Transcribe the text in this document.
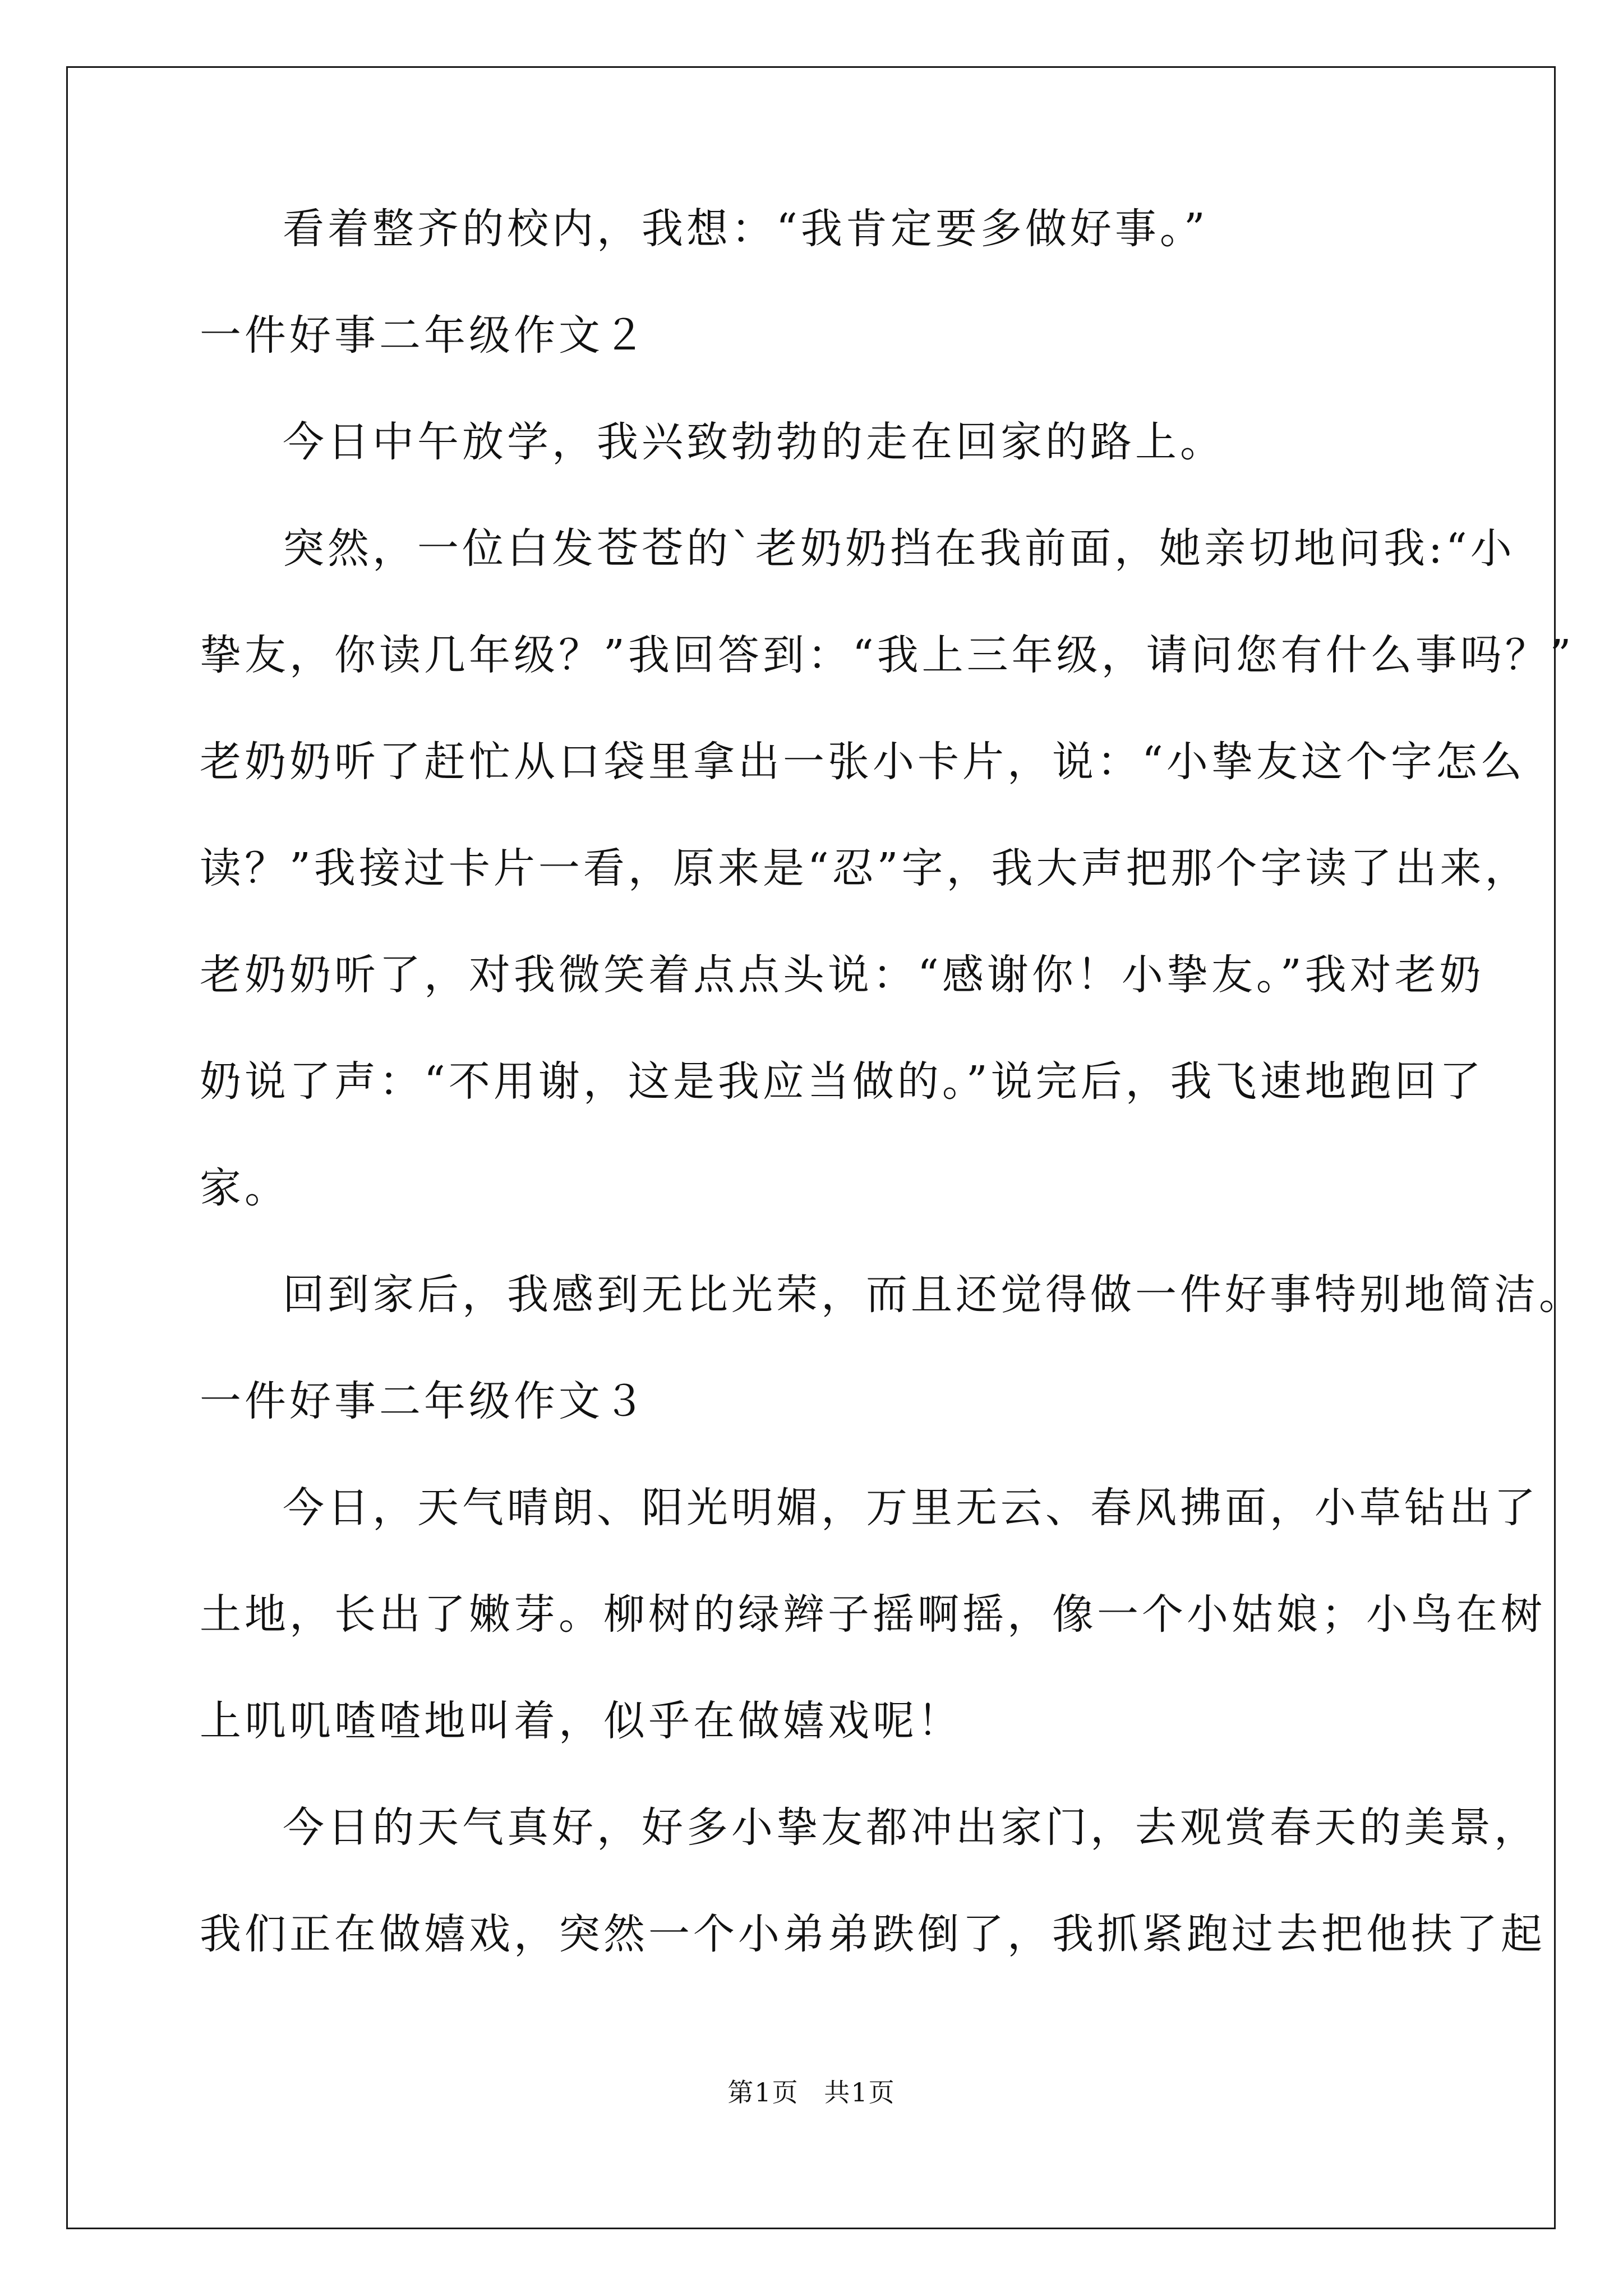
看着整齐的校内，我想：“我肯定要多做好事。”
一件好事二年级作文２
今日中午放学，我兴致勃勃的走在回家的路上。
突然，一位白发苍苍的`老奶奶挡在我前面，她亲切地问我:“小
挚友，你读几年级？”我回答到：“我上三年级，请问您有什么事吗？”
老奶奶听了赶忙从口袋里拿出一张小卡片，说：“小挚友这个字怎么
读？”我接过卡片一看，原来是“忍”字，我大声把那个字读了出来，
老奶奶听了，对我微笑着点点头说：“感谢你！小挚友。”我对老奶
奶说了声：“不用谢，这是我应当做的。”说完后，我飞速地跑回了
家。
回到家后，我感到无比光荣，而且还觉得做一件好事特别地简洁。
一件好事二年级作文３
今日，天气晴朗、阳光明媚，万里无云、春风拂面，小草钻出了
土地，长出了嫩芽。柳树的绿辫子摇啊摇，像一个小姑娘；小鸟在树
上叽叽喳喳地叫着，似乎在做嬉戏呢！
今日的天气真好，好多小挚友都冲出家门，去观赏春天的美景，
我们正在做嬉戏，突然一个小弟弟跌倒了，我抓紧跑过去把他扶了起
第1页 共1页
